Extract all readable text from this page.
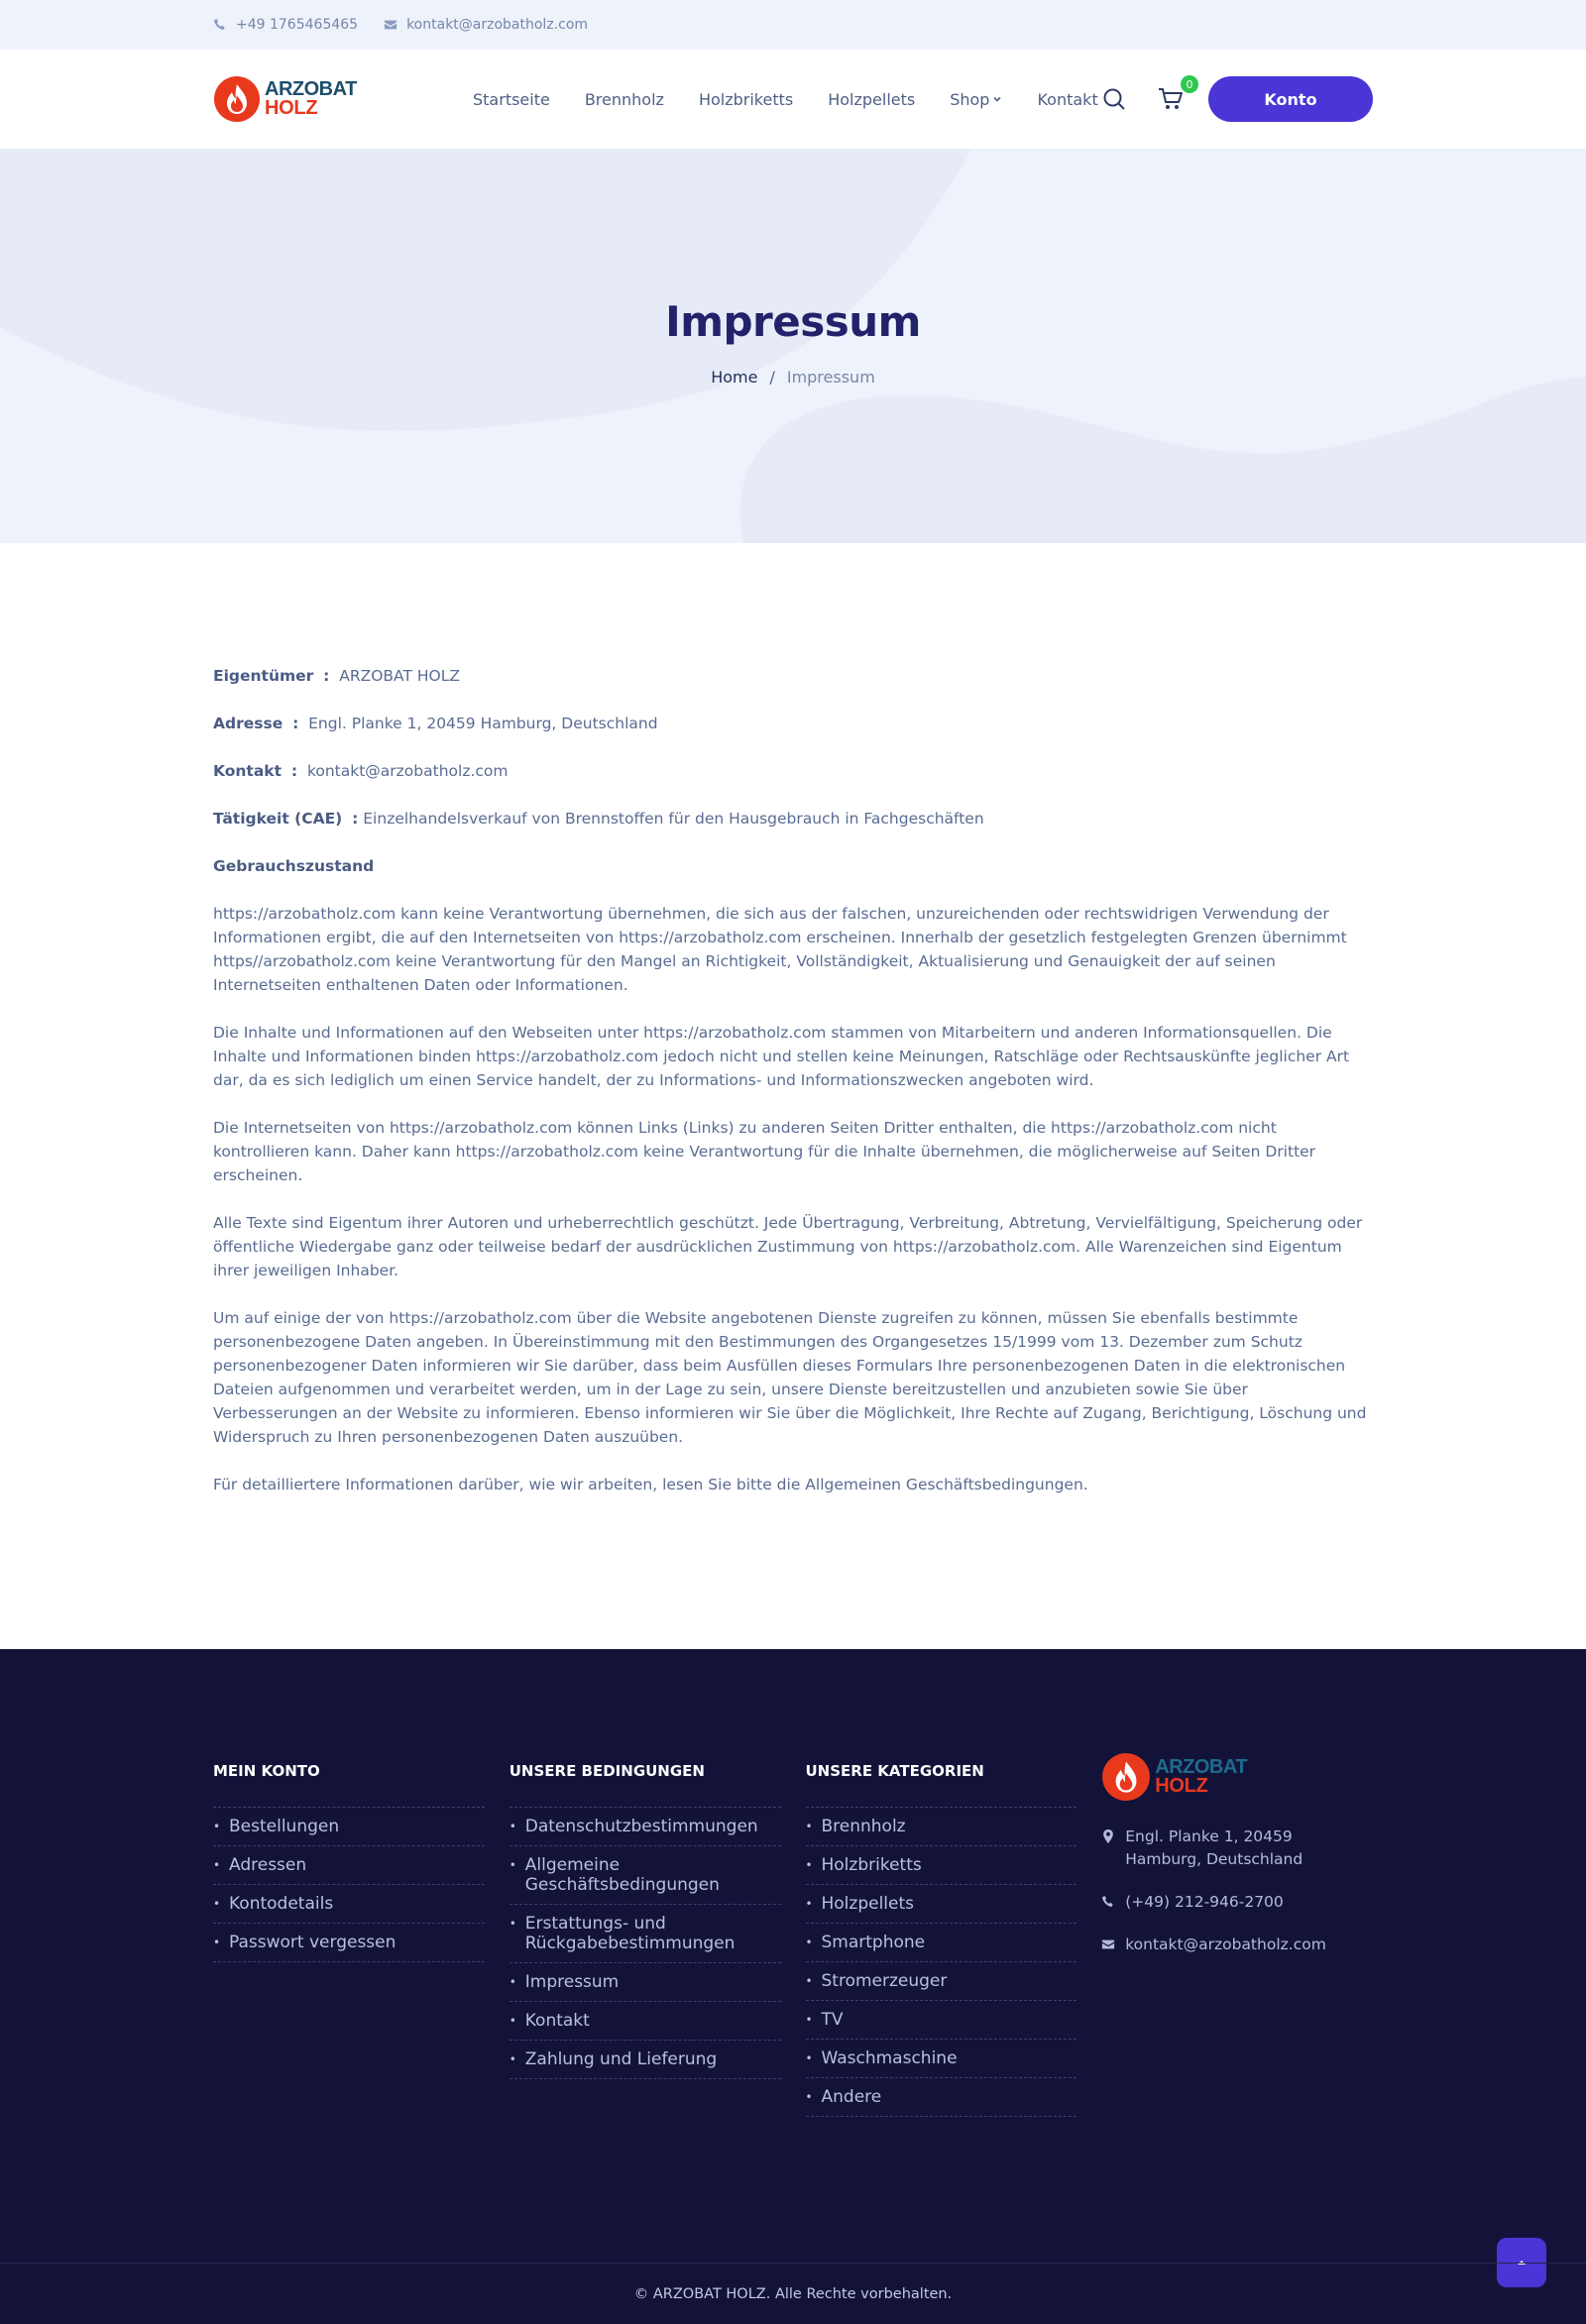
+49 1765465465	kontakt@arzobatholz.com
ARZOBAT
HOLZ	Startseite Brennholz Holzbriketts Holzpellets Shop	Kontakt
0
Konto
Impressum
Home / Impressum
Eigentümer : ARZOBAT HOLZ
Adresse : Engl. Planke 1, 20459 Hamburg, Deutschland
Kontakt : kontakt@arzobatholz.com
Tätigkeit (CAE) : Einzelhandelsverkauf von Brennstoffen für den Hausgebrauch in Fachgeschäften
Gebrauchszustand

https://arzobatholz.com kann keine Verantwortung übernehmen, die sich aus der falschen, unzureichenden oder rechtswidrigen Verwendung der Informationen ergibt, die auf den Internetseiten von https://arzobatholz.com erscheinen. Innerhalb der gesetzlich festgelegten Grenzen übernimmt https//arzobatholz.com keine Verantwortung für den Mangel an Richtigkeit, Vollständigkeit, Aktualisierung und Genauigkeit der auf seinen Internetseiten enthaltenen Daten oder Informationen.

Die Inhalte und Informationen auf den Webseiten unter https://arzobatholz.com stammen von Mitarbeitern und anderen Informationsquellen. Die Inhalte und Informationen binden https://arzobatholz.com jedoch nicht und stellen keine Meinungen, Ratschläge oder Rechtsauskünfte jeglicher Art dar, da es sich lediglich um einen Service handelt, der zu Informations- und Informationszwecken angeboten wird.

Die Internetseiten von https://arzobatholz.com können Links (Links) zu anderen Seiten Dritter enthalten, die https://arzobatholz.com nicht kontrollieren kann. Daher kann https://arzobatholz.com keine Verantwortung für die Inhalte übernehmen, die möglicherweise auf Seiten Dritter erscheinen.

Alle Texte sind Eigentum ihrer Autoren und urheberrechtlich geschützt. Jede Übertragung, Verbreitung, Abtretung, Vervielfältigung, Speicherung oder öffentliche Wiedergabe ganz oder teilweise bedarf der ausdrücklichen Zustimmung von https://arzobatholz.com. Alle Warenzeichen sind Eigentum ihrer jeweiligen Inhaber.

Um auf einige der von https://arzobatholz.com über die Website angebotenen Dienste zugreifen zu können, müssen Sie ebenfalls bestimmte personenbezogene Daten angeben. In Übereinstimmung mit den Bestimmungen des Organgesetzes 15/1999 vom 13. Dezember zum Schutz personenbezogener Daten informieren wir Sie darüber, dass beim Ausfüllen dieses Formulars Ihre personenbezogenen Daten in die elektronischen Dateien aufgenommen und verarbeitet werden, um in der Lage zu sein, unsere Dienste bereitzustellen und anzubieten sowie Sie über Verbesserungen an der Website zu informieren. Ebenso informieren wir Sie über die Möglichkeit, Ihre Rechte auf Zugang, Berichtigung, Löschung und Widerspruch zu Ihren personenbezogenen Daten auszuüben.

Für detailliertere Informationen darüber, wie wir arbeiten, lesen Sie bitte die Allgemeinen Geschäftsbedingungen.

MEIN KONTO
• Bestellungen
• Adressen
• Kontodetails
• Passwort vergessen
UNSERE BEDINGUNGEN
• Datenschutzbestimmungen
• Allgemeine Geschäftsbedingungen
• Erstattungs- und Rückgabebestimmungen
• Impressum
• Kontakt
• Zahlung und Lieferung
UNSERE KATEGORIEN
• Brennholz
• Holzbriketts
• Holzpellets
• Smartphone
• Stromerzeuger
• TV
• Waschmaschine
• Andere
ARZOBAT
HOLZ
Engl. Planke 1, 20459 Hamburg, Deutschland
(+49) 212-946-2700
kontakt@arzobatholz.com
© ARZOBAT HOLZ. Alle Rechte vorbehalten.
